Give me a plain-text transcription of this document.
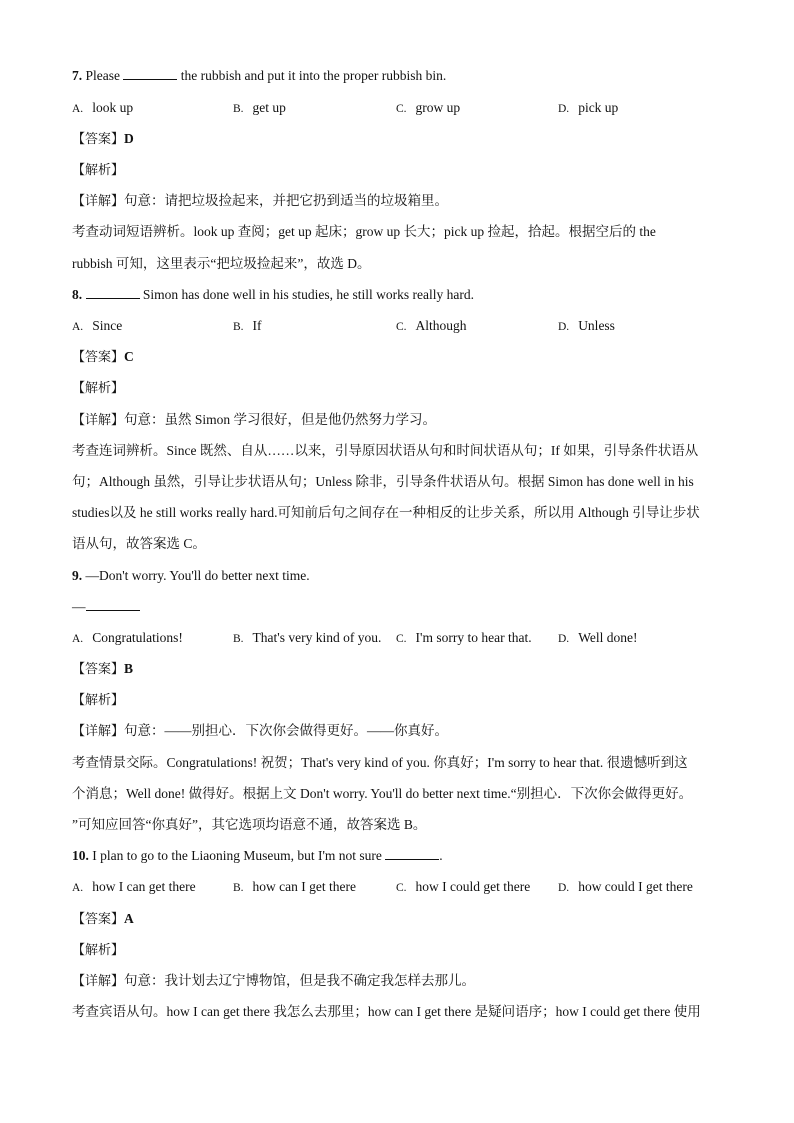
7. Please	the rubbish and put it into the proper rubbish bin.
A. look up	B. get up	C. grow up	D. pick up
【答案】D
【解析】
【详解】句意：请把垃圾捡起来，并把它扔到适当的垃圾箱里。
考查动词短语辨析。look up 查阅；get up 起床；grow up 长大；pick up 捡起，拾起。根据空后的 the
rubbish 可知，这里表示“把垃圾捡起来”，故选 D。
8.	Simon has done well in his studies, he still works really hard.
A. Since	B. If	C. Although	D. Unless
【答案】C
【解析】
【详解】句意：虽然 Simon 学习很好，但是他仍然努力学习。
考查连词辨析。Since 既然、自从……以来，引导原因状语从句和时间状语从句；If 如果，引导条件状语从
句；Although 虽然，引导让步状语从句；Unless 除非，引导条件状语从句。根据 Simon has done well in his
studies以及 he still works really hard.可知前后句之间存在一种相反的让步关系，所以用 Although 引导让步状
语从句，故答案选 C。
9. —Don't worry. You'll do better next time.
—
A. Congratulations!	B. That's very kind of you. C. I'm sorry to hear that. D. Well done!
【答案】B
【解析】
【详解】句意：——别担心．下次你会做得更好。——你真好。
考查情景交际。Congratulations! 祝贺；That's very kind of you. 你真好；I'm sorry to hear that. 很遗憾听到这
个消息；Well done! 做得好。根据上文 Don't worry. You'll do better next time.“别担心．下次你会做得更好。
”可知应回答“你真好”，其它选项均语意不通，故答案选 B。
10. I plan to go to the Liaoning Museum, but I'm not sure	.
A. how I can get there	B. how can I get there	C. how I could get there D. how could I get there
【答案】A
【解析】
【详解】句意：我计划去辽宁博物馆，但是我不确定我怎样去那儿。
考查宾语从句。how I can get there 我怎么去那里；how can I get there 是疑问语序；how I could get there 使用
